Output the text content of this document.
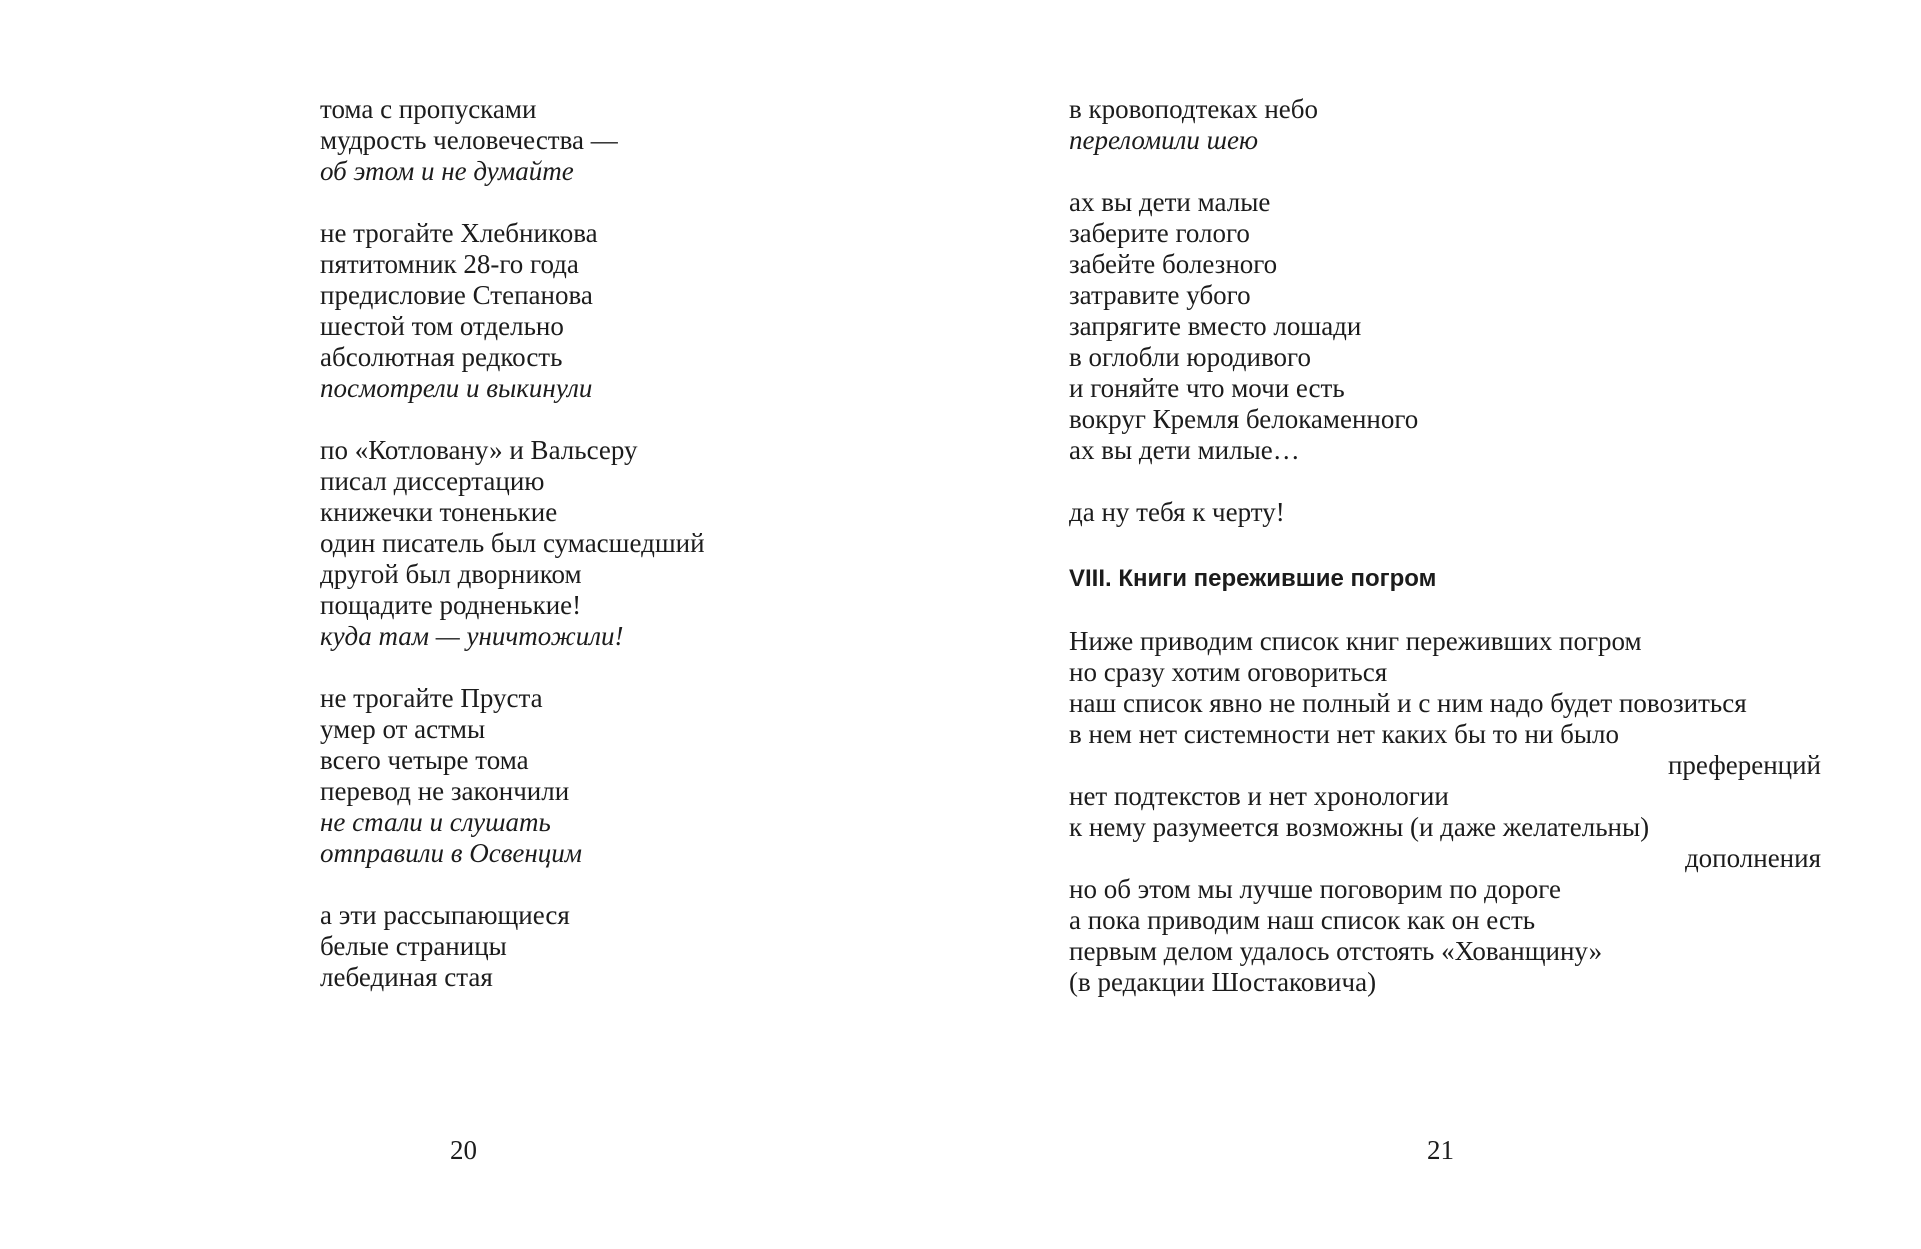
тома с пропусками
мудрость человечества —
об этом и не думайте
не трогайте Хлебникова
пятитомник 28-го года
предисловие Степанова
шестой том отдельно
абсолютная редкость
посмотрели и выкинули
по «Котловану» и Вальсеру
писал диссертацию
книжечки тоненькие
один писатель был сумасшедший
другой был дворником
пощадите родненькие!
куда там — уничтожили!
не трогайте Пруста
умер от астмы
всего четыре тома
перевод не закончили
не стали и слушать
отправили в Освенцим
а эти рассыпающиеся
белые страницы
лебединая стая
20
в кровоподтеках небо
переломили шею
ах вы дети малые
заберите голого
забейте болезного
затравите убого
запрягите вместо лошади
в оглобли юродивого
и гоняйте что мочи есть
вокруг Кремля белокаменного
ах вы дети милые…
да ну тебя к черту!
VIII. Книги пережившие погром
Ниже приводим список книг переживших погром
но сразу хотим оговориться
наш список явно не полный и с ним надо будет повозиться
в нем нет системности нет каких бы то ни было
преференций
нет подтекстов и нет хронологии
к нему разумеется возможны (и даже желательны)
дополнения
но об этом мы лучше поговорим по дороге
а пока приводим наш список как он есть
первым делом удалось отстоять «Хованщину»
(в редакции Шостаковича)
21
